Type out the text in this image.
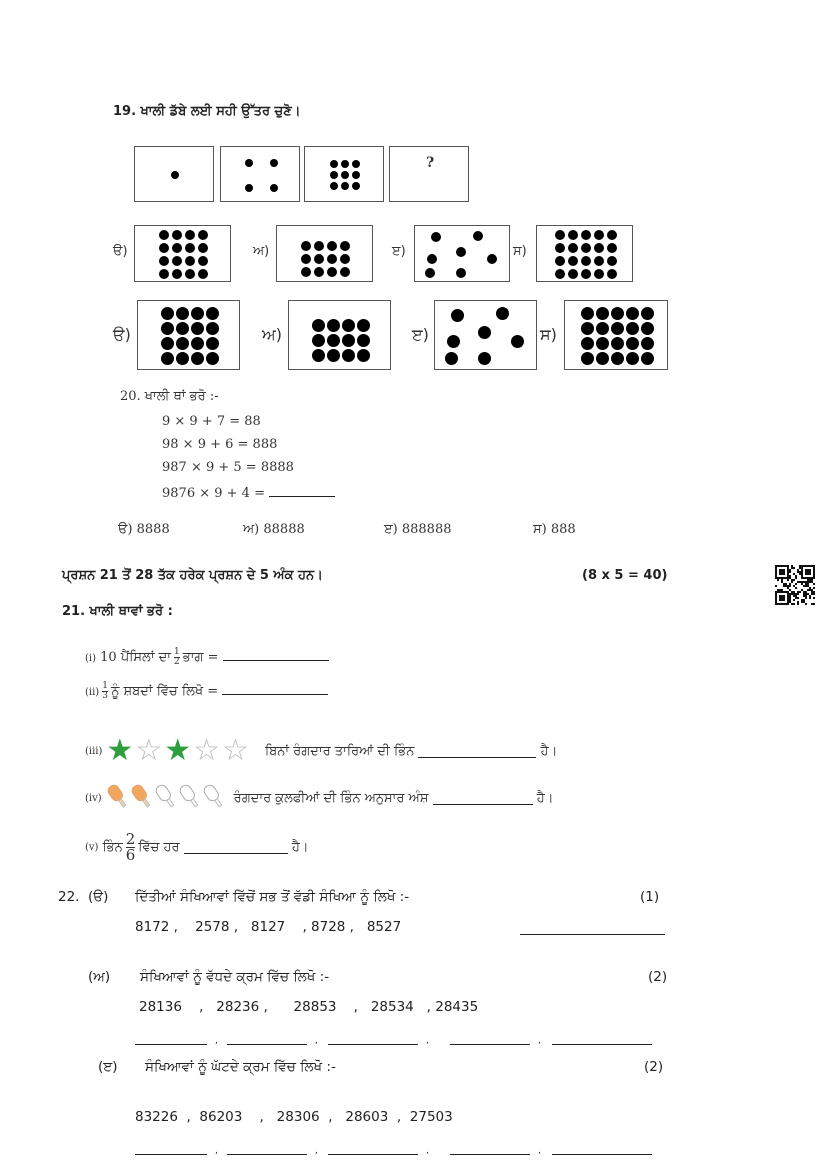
19. ਖਾਲੀ ਡੱਬੇ ਲਈ ਸਹੀ ਉੱਤਰ ਚੁਣੋ।
?
ੳ)	ਅ)	ੲ)	ਸ)
ੳ)	ਅ)	ੲ)	ਸ)
20. ਖਾਲੀ ਥਾਂ ਭਰੋ :-
9 × 9 + 7 = 88
98 × 9 + 6 = 888
987 × 9 + 5 = 8888
9876 × 9 + 4 =
ੳ) 8888	ਅ) 88888	ੲ) 888888	ਸ) 888
ਪ੍ਰਸ਼ਨ 21 ਤੋਂ 28 ਤੱਕ ਹਰੇਕ ਪ੍ਰਸ਼ਨ ਦੇ 5 ਅੰਕ ਹਨ।	(8 x 5 = 40)
21. ਖਾਲੀ ਥਾਵਾਂ ਭਰੋ :
(i) 10 ਪੈਂਸਿਲਾਂ ਦਾ $\frac{1}{2}$ ਭਾਗ =
$(ii) \frac{1}{3}$ ਨੂੰ ਸ਼ਬਦਾਂ ਵਿੱਚ ਲਿਖੋ =
(iii) ★☆★☆☆ ਬਿਨਾਂ ਰੰਗਦਾਰ ਤਾਰਿਆਂ ਦੀ ਭਿੰਨ

	ਹੈ।
(iv)	ਰੰਗਦਾਰ ਕੁਲਫੀਆਂ ਦੀ ਭਿੰਨ ਅਨੁਸਾਰ ਅੰਸ਼

	ਹੈ।
(v) ਭਿੰਨ $\frac{2}{6}$ ਵਿੱਚ ਹਰ

	ਹੈ।
22. (ੳ) ਦਿੱਤੀਆਂ ਸੰਖਿਆਵਾਂ ਵਿੱਚੋਂ ਸਭ ਤੋਂ ਵੱਡੀ ਸੰਖਿਆ ਨੂੰ ਲਿਖੋ :-	(1)
8172 ,    2578 ,   8127    , 8728 ,   8527
(ਅ) ਸੰਖਿਆਵਾਂ ਨੂੰ ਵੱਧਦੇ ਕ੍ਰਮ ਵਿੱਚ ਲਿਖੋ :-	(2)
28136    ,   28236 ,      28853    ,   28534   , 28435
(ੲ) ਸੰਖਿਆਵਾਂ ਨੂੰ ਘੱਟਦੇ ਕ੍ਰਮ ਵਿੱਚ ਲਿਖੋ :-	(2)
83226  ,  86203    ,   28306  ,   28603  ,  27503
,	,	,	,
,	,	,	,
